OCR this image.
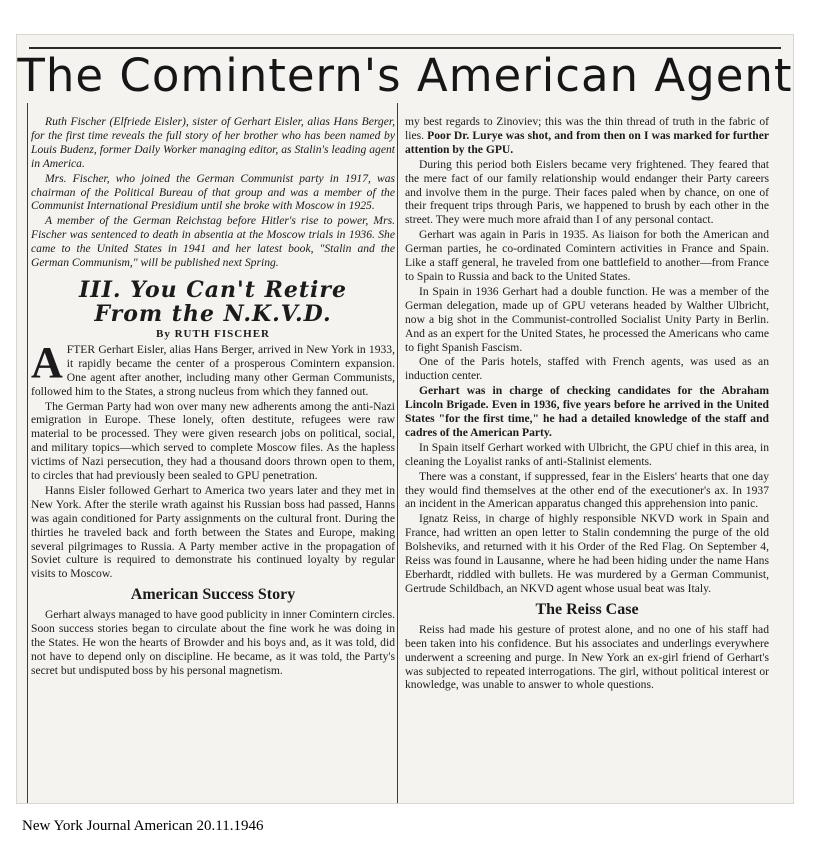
The Comintern's American Agent

Ruth Fischer (Elfriede Eisler), sister of Gerhart Eisler, alias Hans Berger, for the first time reveals the full story of her brother who has been named by Louis Budenz, former Daily Worker managing editor, as Stalin's leading agent in America.

Mrs. Fischer, who joined the German Communist party in 1917, was chairman of the Political Bureau of that group and was a member of the Communist International Presidium until she broke with Moscow in 1925.

A member of the German Reichstag before Hitler's rise to power, Mrs. Fischer was sentenced to death in absentia at the Moscow trials in 1936. She came to the United States in 1941 and her latest book, "Stalin and the German Communism," will be published next Spring.

III. You Can't Retire
From the N.K.V.D.
By RUTH FISCHER

AFTER Gerhart Eisler, alias Hans Berger, arrived in New York in 1933, it rapidly became the center of a prosperous Comintern expansion. One agent after another, including many other German Communists, followed him to the States, a strong nucleus from which they fanned out.

The German Party had won over many new adherents among the anti-Nazi emigration in Europe. These lonely, often destitute, refugees were raw material to be processed. They were given research jobs on political, social, and military topics—which served to complete Moscow files. As the hapless victims of Nazi persecution, they had a thousand doors thrown open to them, to circles that had previously been sealed to GPU penetration.

Hanns Eisler followed Gerhart to America two years later and they met in New York. After the sterile wrath against his Russian boss had passed, Hanns was again conditioned for Party assignments on the cultural front. During the thirties he traveled back and forth between the States and Europe, making several pilgrimages to Russia. A Party member active in the propagation of Soviet culture is required to demonstrate his continued loyalty by regular visits to Moscow.

American Success Story

Gerhart always managed to have good publicity in inner Comintern circles. Soon success stories began to circulate about the fine work he was doing in the States. He won the hearts of Browder and his boys and, as it was told, did not have to depend only on discipline. He became, as it was told, the Party's secret but undisputed boss by his personal magnetism.

my best regards to Zinoviev; this was the thin thread of truth in the fabric of lies. Poor Dr. Lurye was shot, and from then on I was marked for further attention by the GPU.

During this period both Eislers became very frightened. They feared that the mere fact of our family relationship would endanger their Party careers and involve them in the purge. Their faces paled when by chance, on one of their frequent trips through Paris, we happened to brush by each other in the street. They were much more afraid than I of any personal contact.

Gerhart was again in Paris in 1935. As liaison for both the American and German parties, he co-ordinated Comintern activities in France and Spain. Like a staff general, he traveled from one battlefield to another—from France to Spain to Russia and back to the United States.

In Spain in 1936 Gerhart had a double function. He was a member of the German delegation, made up of GPU veterans headed by Walther Ulbricht, now a big shot in the Communist-controlled Socialist Unity Party in Berlin. And as an expert for the United States, he processed the Americans who came to fight Spanish Fascism.

One of the Paris hotels, staffed with French agents, was used as an induction center.

Gerhart was in charge of checking candidates for the Abraham Lincoln Brigade. Even in 1936, five years before he arrived in the United States "for the first time," he had a detailed knowledge of the staff and cadres of the American Party.

In Spain itself Gerhart worked with Ulbricht, the GPU chief in this area, in cleaning the Loyalist ranks of anti-Stalinist elements.

There was a constant, if suppressed, fear in the Eislers' hearts that one day they would find themselves at the other end of the executioner's ax. In 1937 an incident in the American apparatus changed this apprehension into panic.

Ignatz Reiss, in charge of highly responsible NKVD work in Spain and France, had written an open letter to Stalin condemning the purge of the old Bolsheviks, and returned with it his Order of the Red Flag. On September 4, Reiss was found in Lausanne, where he had been hiding under the name Hans Eberhardt, riddled with bullets. He was murdered by a German Communist, Gertrude Schildbach, an NKVD agent whose usual beat was Italy.

The Reiss Case

Reiss had made his gesture of protest alone, and no one of his staff had been taken into his confidence. But his associates and underlings everywhere underwent a screening and purge. In New York an ex-girl friend of Gerhart's was subjected to repeated interrogations. The girl, without political interest or knowledge, was unable to answer to whole questions.

New York Journal American 20.11.1946
